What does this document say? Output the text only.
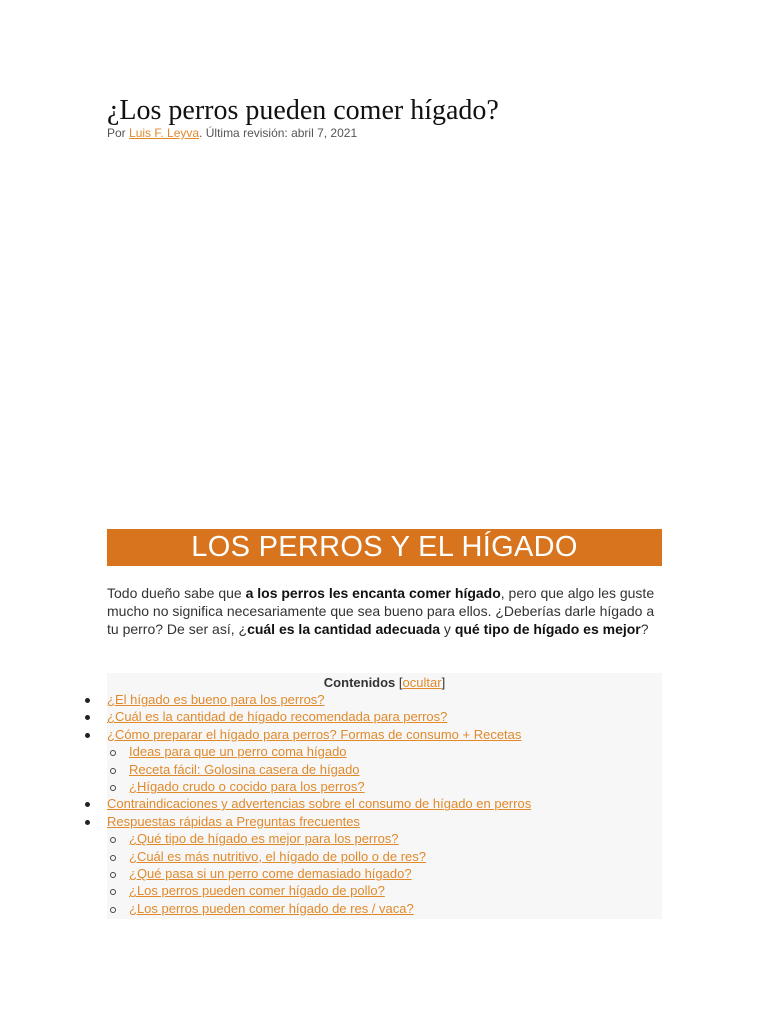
¿Los perros pueden comer hígado?
Por Luis F. Leyva. Última revisión: abril 7, 2021
LOS PERROS Y EL HÍGADO

Todo dueño sabe que a los perros les encanta comer hígado, pero que algo les guste mucho no significa necesariamente que sea bueno para ellos. ¿Deberías darle hígado a tu perro? De ser así, ¿cuál es la cantidad adecuada y qué tipo de hígado es mejor?

Contenidos [ocultar]
¿El hígado es bueno para los perros?
¿Cuál es la cantidad de hígado recomendada para perros?
¿Cómo preparar el hígado para perros? Formas de consumo + Recetas
Ideas para que un perro coma hígado
Receta fácil: Golosina casera de hígado
¿Hígado crudo o cocido para los perros?
Contraindicaciones y advertencias sobre el consumo de hígado en perros
Respuestas rápidas a Preguntas frecuentes
¿Qué tipo de hígado es mejor para los perros?
¿Cuál es más nutritivo, el hígado de pollo o de res?
¿Qué pasa si un perro come demasiado hígado?
¿Los perros pueden comer hígado de pollo?
¿Los perros pueden comer hígado de res / vaca?
